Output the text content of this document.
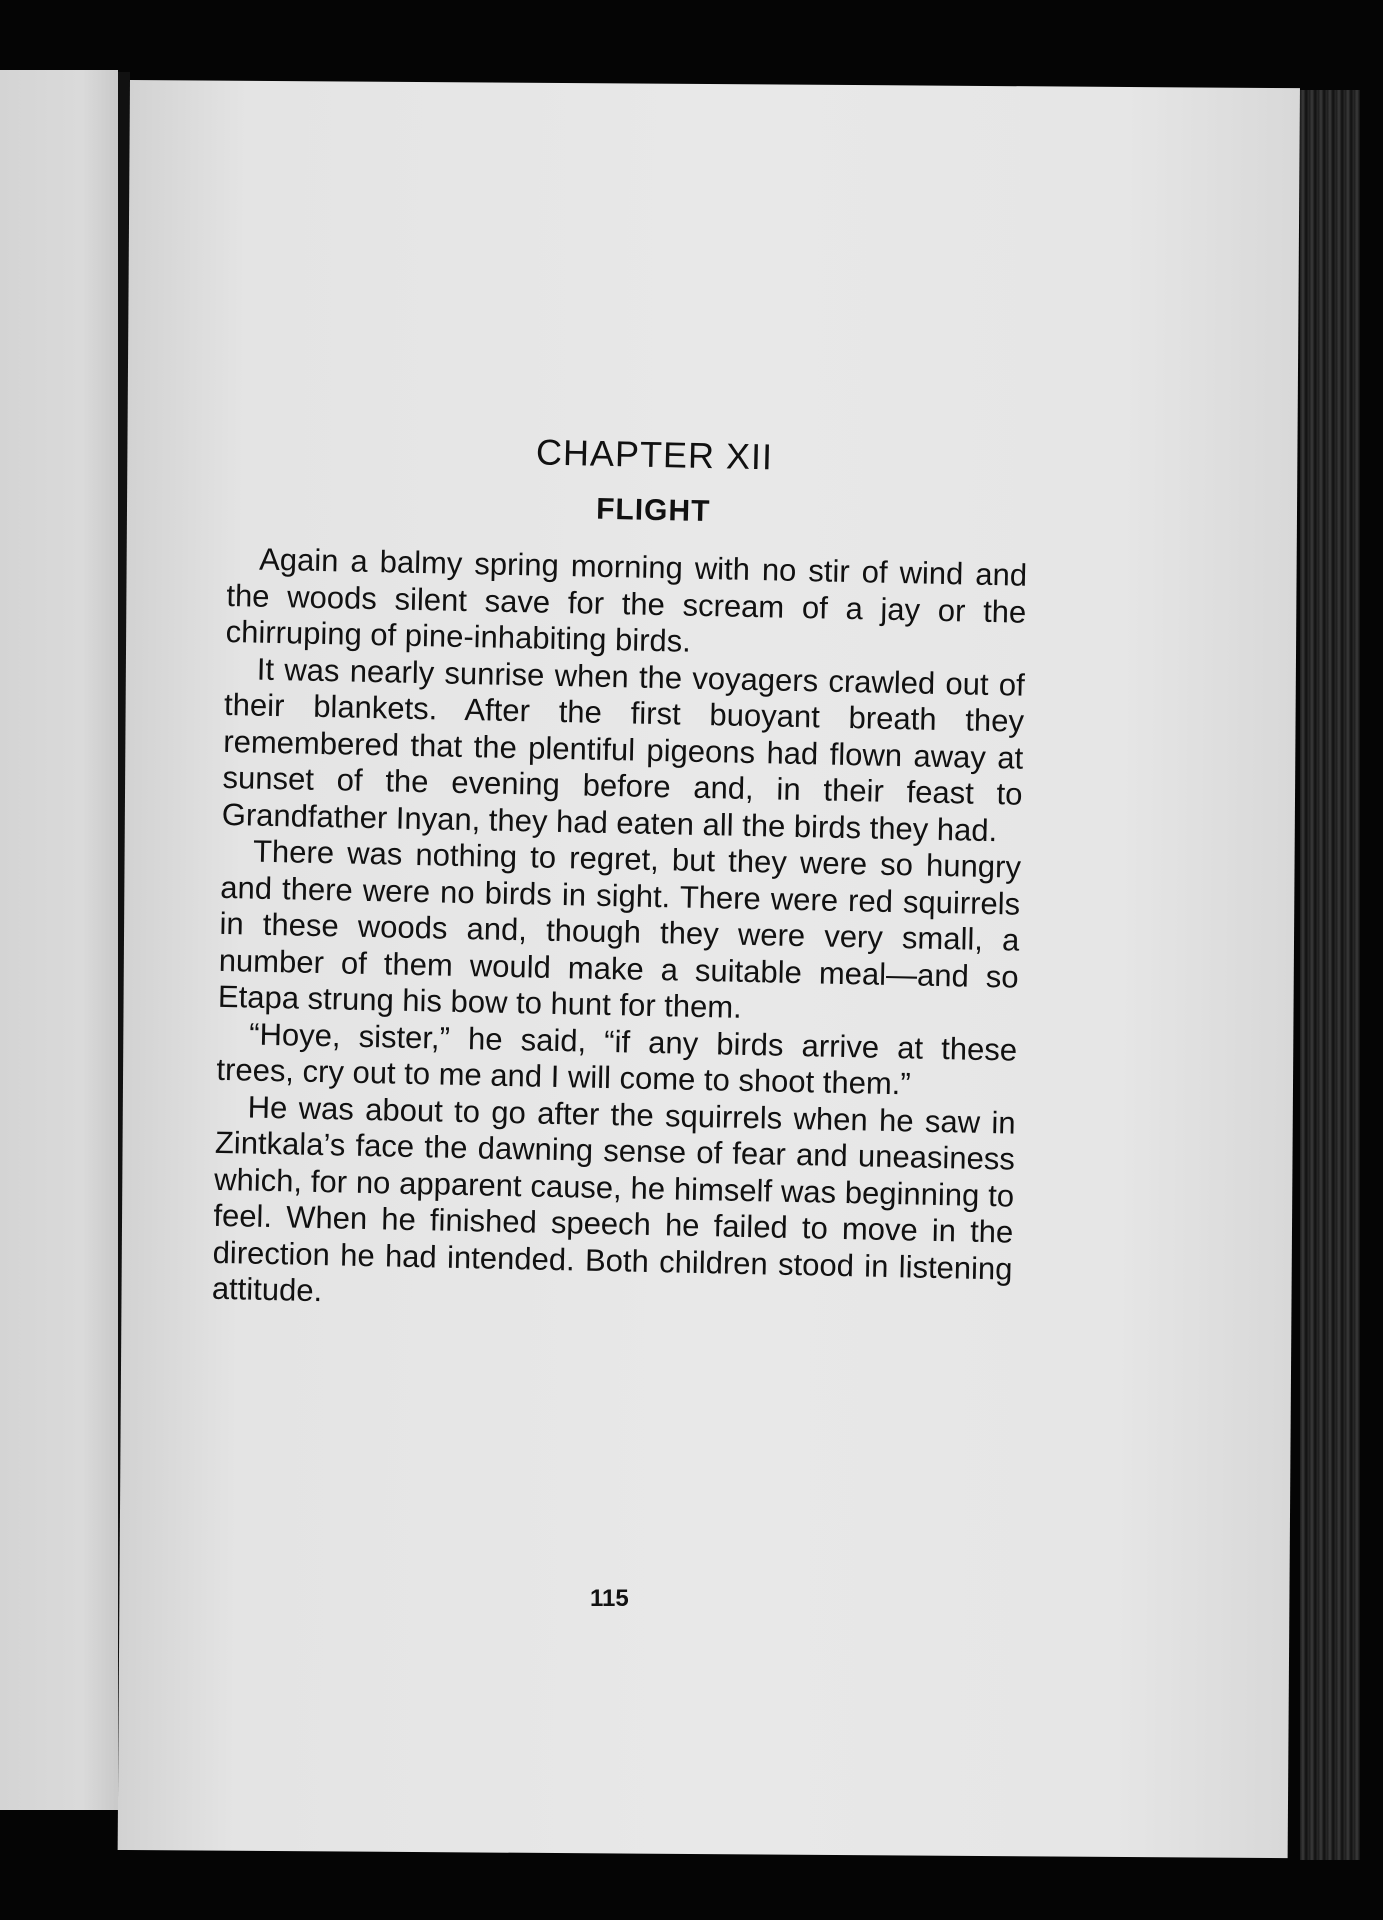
CHAPTER XII
FLIGHT

Again a balmy spring morning with no stir of wind and the woods silent save for the scream of a jay or the chirruping of pine-inhabiting birds.

It was nearly sunrise when the voyagers crawled out of their blankets. After the first buoyant breath they remembered that the plentiful pigeons had flown away at sunset of the evening before and, in their feast to Grandfather Inyan, they had eaten all the birds they had.

There was nothing to regret, but they were so hungry and there were no birds in sight. There were red squirrels in these woods and, though they were very small, a number of them would make a suitable meal—and so Etapa strung his bow to hunt for them.

“Hoye, sister,” he said, “if any birds arrive at these trees, cry out to me and I will come to shoot them.”

He was about to go after the squirrels when he saw in Zintkala’s face the dawning sense of fear and uneasiness which, for no apparent cause, he himself was beginning to feel. When he finished speech he failed to move in the direction he had intended. Both children stood in listening attitude.

115
